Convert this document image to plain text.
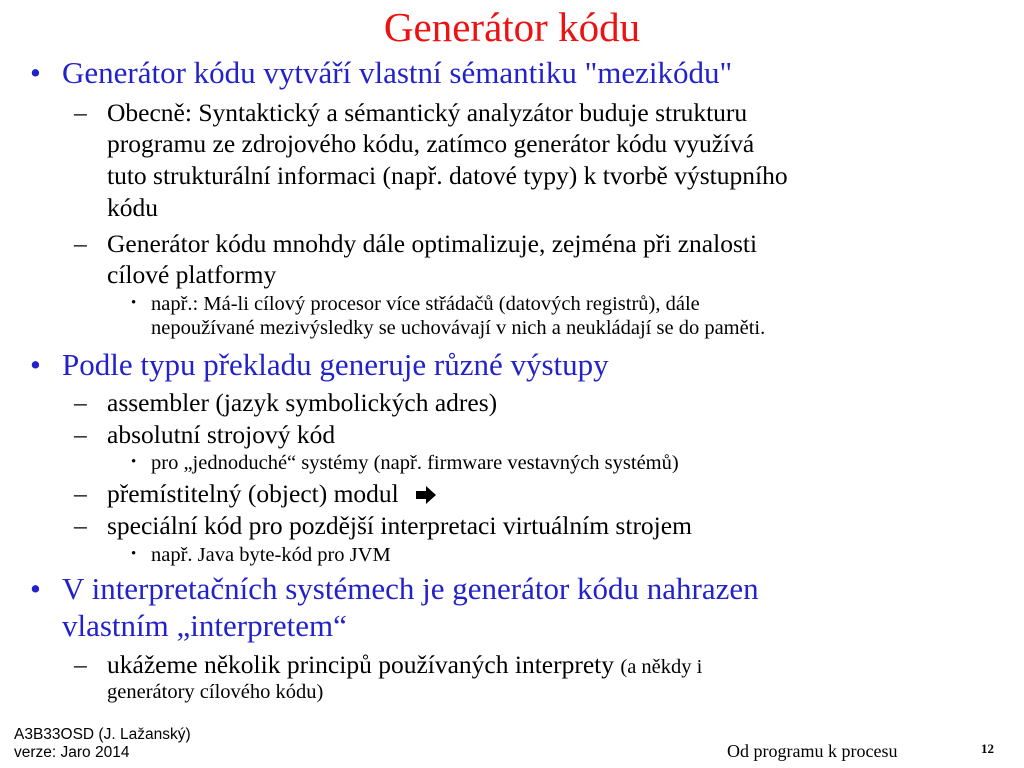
Generátor kódu
• Generátor kódu vytváří vlastní sémantiku "mezikódu"
– Obecně: Syntaktický a sémantický analyzátor buduje strukturu
programu ze zdrojového kódu, zatímco generátor kódu využívá
tuto strukturální informaci (např. datové typy) k tvorbě výstupního
kódu
– Generátor kódu mnohdy dále optimalizuje, zejména při znalosti
cílové platformy
• např.: Má-li cílový procesor více střádačů (datových registrů), dále
nepoužívané mezivýsledky se uchovávají v nich a neukládají se do paměti.
• Podle typu překladu generuje různé výstupy
– assembler (jazyk symbolických adres)
– absolutní strojový kód
• pro „jednoduché“ systémy (např. firmware vestavných systémů)
– přemístitelný (object) modul
– speciální kód pro pozdější interpretaci virtuálním strojem
• např. Java byte-kód pro JVM
• V interpretačních systémech je generátor kódu nahrazen
vlastním „interpretem“
– ukážeme několik principů používaných interprety (a někdy i
generátory cílového kódu)
A3B33OSD (J. Lažanský)
verze: Jaro 2014	Od programu k procesu	12
